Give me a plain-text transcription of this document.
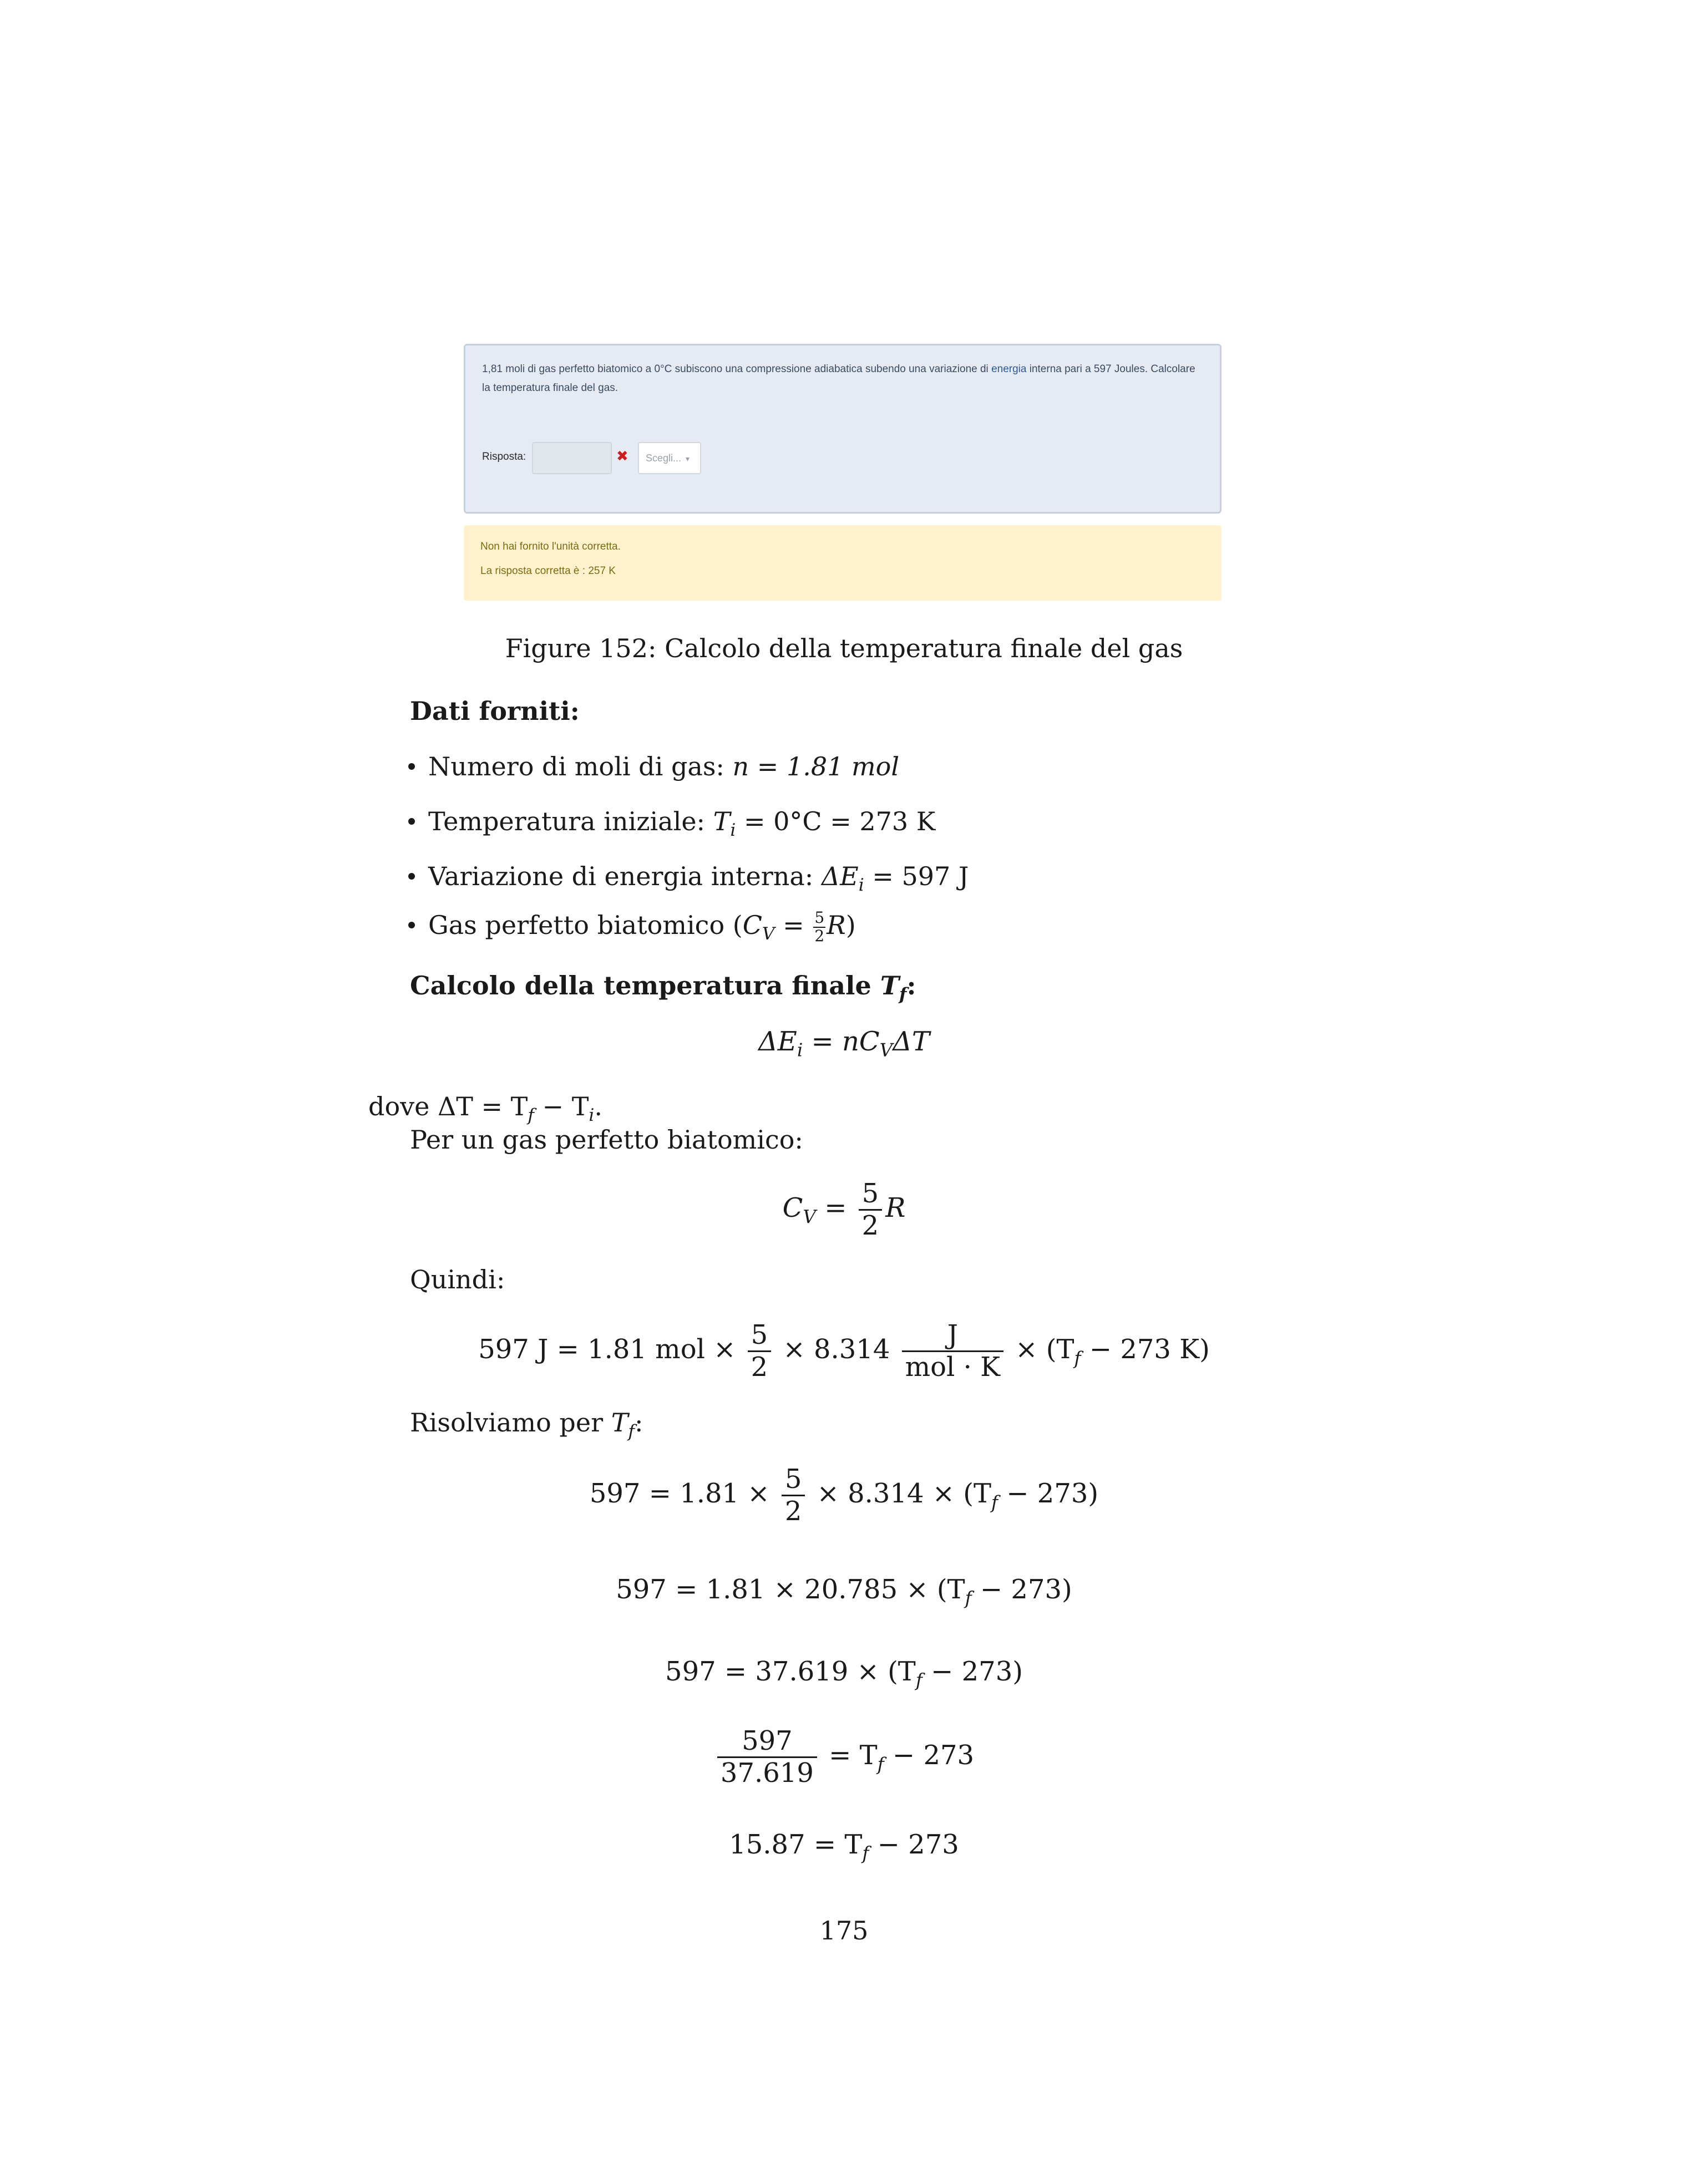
1,81 moli di gas perfetto biatomico a 0°C subiscono una compressione adiabatica subendo una variazione di energia interna pari a 597 Joules. Calcolare la temperatura finale del gas.
Risposta:	✖	Scegli... ▾
Non hai fornito l'unità corretta.
La risposta corretta è : 257 K
Figure 152: Calcolo della temperatura finale del gas
Dati forniti:
Numero di moli di gas: n = 1.81 mol
Temperatura iniziale: $T_i = 0^\circ C = 273$ K
Variazione di energia interna: $\Delta E_i = 597$ J
Gas perfetto biatomico $(C_V = \frac{5}{2} R)$
Calcolo della temperatura finale $T_f$:
$\Delta E_i = nC_V\Delta T$
dove $\Delta T = T_f - T_i$.
Per un gas perfetto biatomico:
$C_V = \frac{5}{2}$ R
Quindi:
597 J = 1.81 mol × $\frac{5}{2} \times 8.314 \frac{J}{\text{mol · K}} \times (T_f - 273$ K)
Risolviamo per $T_f$:
$597 = 1.81 \times \frac{5}{2} \times 8.314 \times (T_f - 273)$
$597 = 1.81 \times 20.785 \times (T_f - 273)$
$597 = 37.619 \times (T_f - 273)$
$\frac{597}{37.619} = T_f - 273$
$15.87 = T_f - 273$
175
